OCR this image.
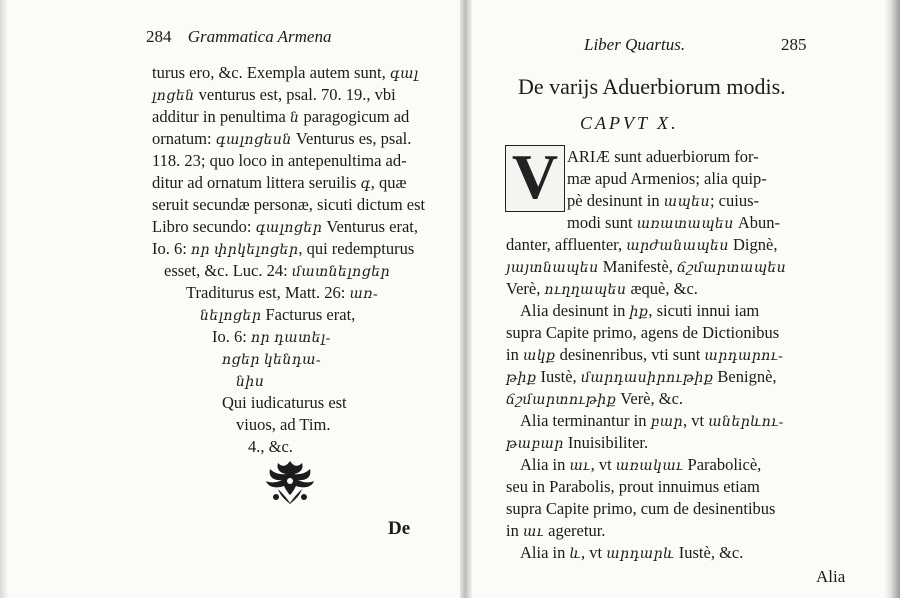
284 Grammatica Armena
turus ero, &c. Exempla autem sunt, գալ
լոցեն venturus est, psal. 70. 19., vbi
additur in penultima ն paragogicum ad
ornatum: գալոցեսն Venturus es, psal.
118. 23; quo loco in antepenultima ad-
ditur ad ornatum littera seruilis գ, quæ
seruit secundæ personæ, sicuti dictum est
Libro secundo: գալոցեր Venturus erat,
Io. 6: որ փրկելոցեր, qui redempturus
esset, &c. Luc. 24: մատնելոցեր
Traditurus est, Matt. 26: առ-
նելոցեր Facturus erat,
Io. 6: որ դատել-
ոցեր կենդա-
նիս
Qui iudicaturus est
viuos, ad Tim.
4., &c.
De
Liber Quartus.	285
De varijs Aduerbiorum modis.
CAPVT X.
V ARIÆ sunt aduerbiorum for-
mæ apud Armenios; alia quip-
pè desinunt in ապես; cuius-
modi sunt առատապես Abun-
danter, affluenter, արժանապես Dignè,
յայտնապես Manifestè, ճշմարտապես
Verè, ուղղապես æquè, &c.
Alia desinunt in իք, sicuti innui iam
supra Capite primo, agens de Dictionibus
in ակք desinenribus, vti sunt արդարու-
թիք Iustè, մարդասիրութիք Benignè,
ճշմարտութիք Verè, &c.
Alia terminantur in բար, vt աներևու-
թաբար Inuisibiliter.
Alia in աւ, vt առակաւ Parabolicè,
seu in Parabolis, prout innuimus etiam
supra Capite primo, cum de desinentibus
in աւ ageretur.
Alia in և, vt արդարև Iustè, &c.
Alia
